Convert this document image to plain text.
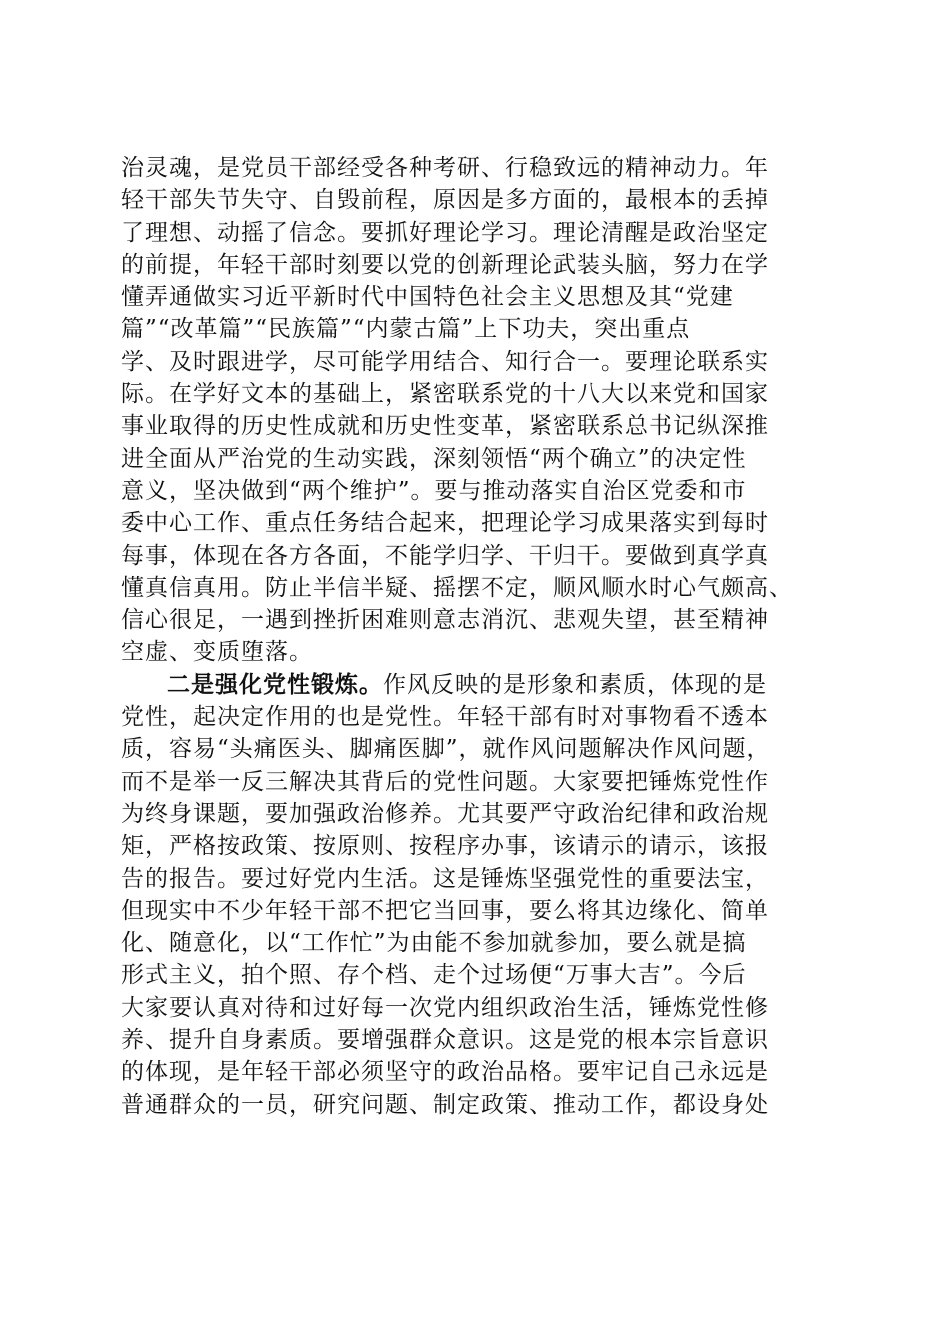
治灵魂，是党员干部经受各种考研、行稳致远的精神动力。年
轻干部失节失守、自毁前程，原因是多方面的，最根本的丢掉
了理想、动摇了信念。要抓好理论学习。理论清醒是政治坚定
的前提，年轻干部时刻要以党的创新理论武装头脑，努力在学
懂弄通做实习近平新时代中国特色社会主义思想及其“党建
篇”“改革篇”“民族篇”“内蒙古篇”上下功夫，突出重点
学、及时跟进学，尽可能学用结合、知行合一。要理论联系实
际。在学好文本的基础上，紧密联系党的十八大以来党和国家
事业取得的历史性成就和历史性变革，紧密联系总书记纵深推
进全面从严治党的生动实践，深刻领悟“两个确立”的决定性
意义，坚决做到“两个维护”。要与推动落实自治区党委和市
委中心工作、重点任务结合起来，把理论学习成果落实到每时
每事，体现在各方各面，不能学归学、干归干。要做到真学真
懂真信真用。防止半信半疑、摇摆不定，顺风顺水时心气颇高、
信心很足，一遇到挫折困难则意志消沉、悲观失望，甚至精神
空虚、变质堕落。
二是强化党性锻炼。作风反映的是形象和素质，体现的是
党性，起决定作用的也是党性。年轻干部有时对事物看不透本
质，容易“头痛医头、脚痛医脚”，就作风问题解决作风问题，
而不是举一反三解决其背后的党性问题。大家要把锤炼党性作
为终身课题，要加强政治修养。尤其要严守政治纪律和政治规
矩，严格按政策、按原则、按程序办事，该请示的请示，该报
告的报告。要过好党内生活。这是锤炼坚强党性的重要法宝，
但现实中不少年轻干部不把它当回事，要么将其边缘化、简单
化、随意化，以“工作忙”为由能不参加就参加，要么就是搞
形式主义，拍个照、存个档、走个过场便“万事大吉”。今后
大家要认真对待和过好每一次党内组织政治生活，锤炼党性修
养、提升自身素质。要增强群众意识。这是党的根本宗旨意识
的体现，是年轻干部必须坚守的政治品格。要牢记自己永远是
普通群众的一员，研究问题、制定政策、推动工作，都设身处
